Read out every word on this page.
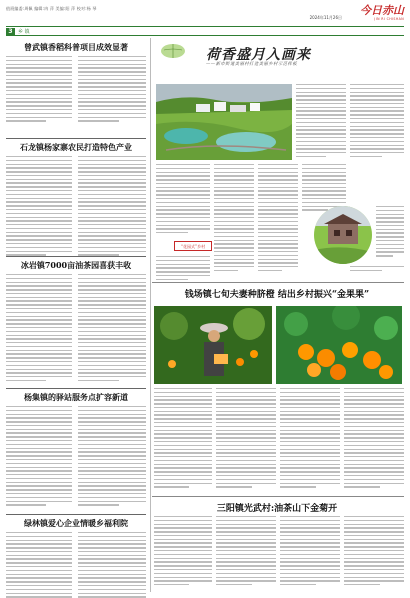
值班编委:周佩 编辑:冉 萍 美编:阳 萍 校对:杨 琴
2024年11月26日
今日赤山
JIN RI CHISHAN
3	乡 镇
曾武镇香稻科普项目成效显著
石龙镇杨家寨农民打造特色产业
冰岩镇7000亩油茶园喜获丰收
杨集镇的驿站服务点扩容新道
绿林镇爱心企业情暖乡福利院
荷香盛月入画来
——新市街道美丽村打造美丽乡村示范样板
“花园式”乡村
钱场镇七旬夫妻种脐橙 结出乡村振兴“金果果”
三阳镇光武村:油茶山下金菊开
